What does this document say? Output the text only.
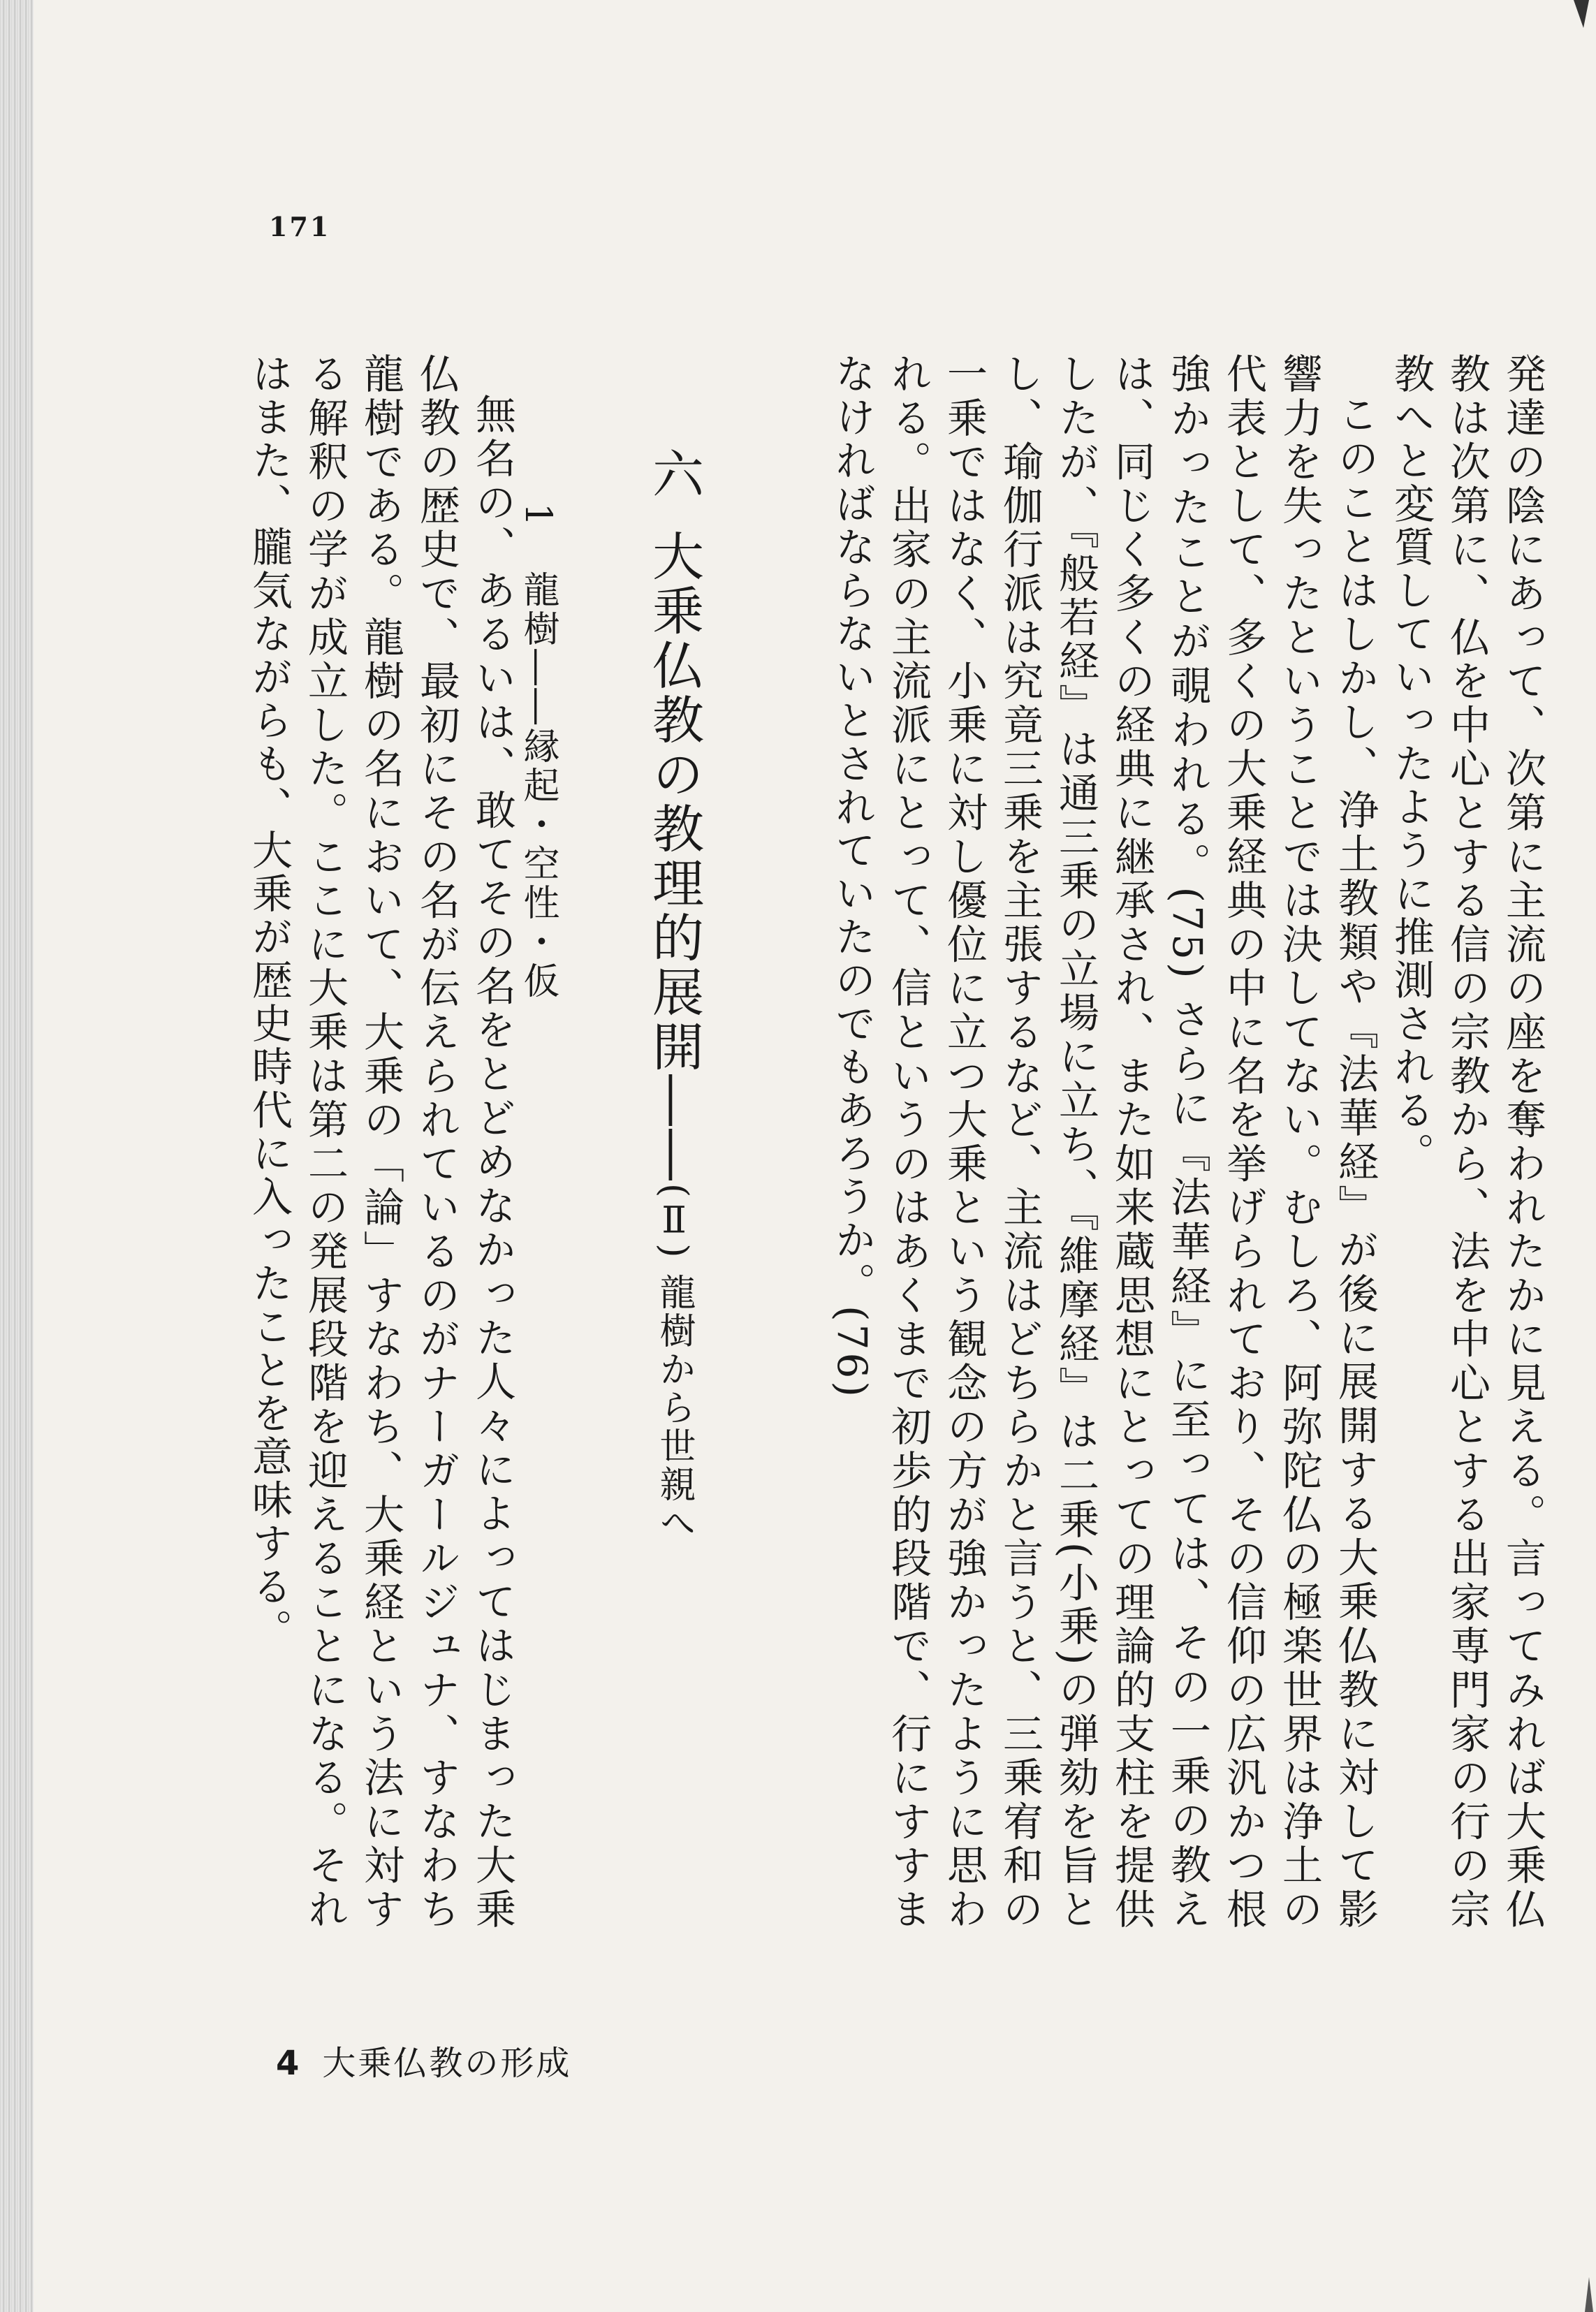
171

発達の陰にあって、次第に主流の座を奪われたかに見える。言ってみれば大乗仏教は次第に、仏を中心とする信の宗教から、法を中心とする出家専門家の行の宗教へと変質していったように推測される。

このことはしかし、浄土教類や『法華経』が後に展開する大乗仏教に対して影響力を失ったということでは決してない。むしろ、阿弥陀仏の極楽世界は浄土の代表として、多くの大乗経典の中に名を挙げられており、その信仰の広汎かつ根強かったことが覗われる。(75) さらに『法華経』に至っては、その一乗の教えは、同じく多くの経典に継承され、また如来蔵思想にとっての理論的支柱を提供したが、『般若経』は通三乗の立場に立ち、『維摩経』は二乗(小乗)の弾劾を旨とし、瑜伽行派は究竟三乗を主張するなど、主流はどちらかと言うと、三乗宥和の一乗ではなく、小乗に対し優位に立つ大乗という観念の方が強かったように思われる。出家の主流派にとって、信というのはあくまで初歩的段階で、行にすすまなければならないとされていたのでもあろうか。(76)

六大乗仏教の教理的展開――(Ⅱ) 龍樹から世親へ
1龍樹――縁起・空性・仮

無名の、あるいは、敢てその名をとどめなかった人々によってはじまった大乗仏教の歴史で、最初にその名が伝えられているのがナーガールジュナ、すなわち龍樹である。龍樹の名において、大乗の「論」すなわち、大乗経という法に対する解釈の学が成立した。ここに大乗は第二の発展段階を迎えることになる。それはまた、朧気ながらも、大乗が歴史時代に入ったことを意味する。

4 大乗仏教の形成
